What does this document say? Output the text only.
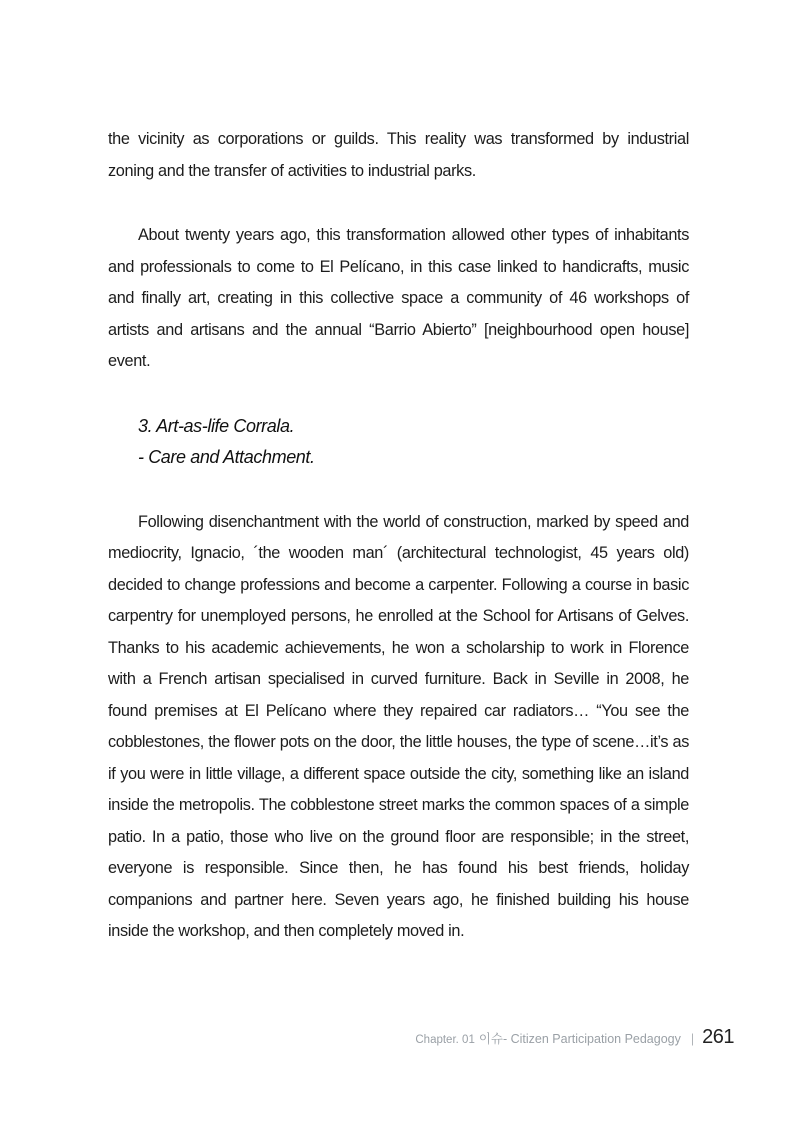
the vicinity as corporations or guilds. This reality was transformed by industrial zoning and the transfer of activities to industrial parks.

About twenty years ago, this transformation allowed other types of inhabitants and professionals to come to El Pelícano, in this case linked to handicrafts, music and finally art, creating in this collective space a community of 46 workshops of artists and artisans and the annual “Barrio Abierto” [neighbourhood open house] event.

3. Art-as-life Corrala.
- Care and Attachment.

Following disenchantment with the world of construction, marked by speed and mediocrity, Ignacio, ´the wooden man´ (architectural technologist, 45 years old) decided to change professions and become a carpenter. Following a course in basic carpentry for unemployed persons, he enrolled at the School for Artisans of Gelves. Thanks to his academic achievements, he won a scholarship to work in Florence with a French artisan specialised in curved furniture. Back in Seville in 2008, he found premises at El Pelícano where they repaired car radiators… “You see the cobblestones, the flower pots on the door, the little houses, the type of scene…it’s as if you were in little village, a different space outside the city, something like an island inside the metropolis. The cobblestone street marks the common spaces of a simple patio. In a patio, those who live on the ground floor are responsible; in the street, everyone is responsible. Since then, he has found his best friends, holiday companions and partner here. Seven years ago, he finished building his house inside the workshop, and then completely moved in.

Chapter. 01 이슈- Citizen Participation Pedagogy | 261
